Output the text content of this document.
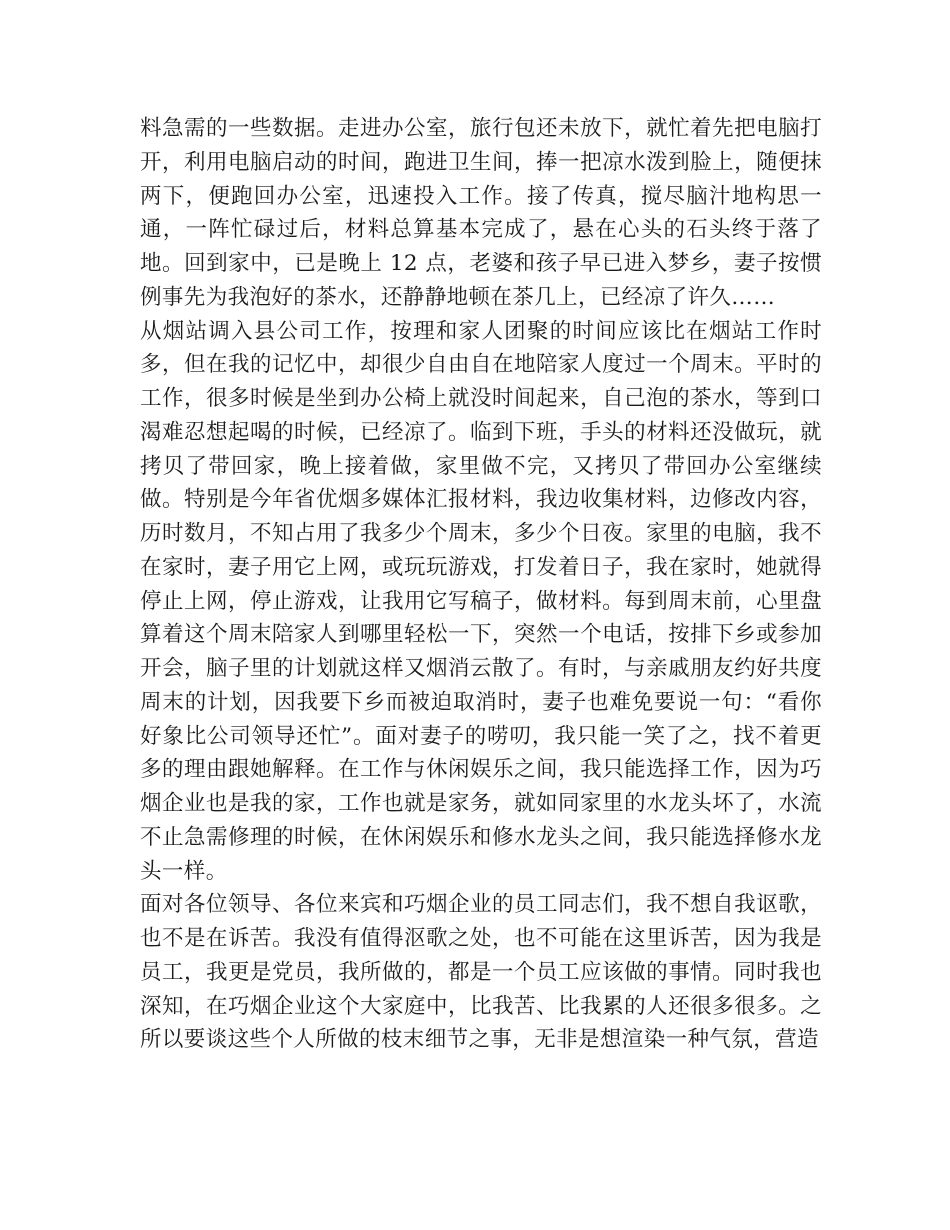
料急需的一些数据。走进办公室，旅行包还未放下，就忙着先把电脑打开，利用电脑启动的时间，跑进卫生间，捧一把凉水泼到脸上，随便抹两下，便跑回办公室，迅速投入工作。接了传真，搅尽脑汁地构思一通，一阵忙碌过后，材料总算基本完成了，悬在心头的石头终于落了地。回到家中，已是晚上 12 点，老婆和孩子早已进入梦乡，妻子按惯例事先为我泡好的茶水，还静静地顿在茶几上，已经凉了许久……

从烟站调入县公司工作，按理和家人团聚的时间应该比在烟站工作时多，但在我的记忆中，却很少自由自在地陪家人度过一个周末。平时的工作，很多时候是坐到办公椅上就没时间起来，自己泡的茶水，等到口渴难忍想起喝的时候，已经凉了。临到下班，手头的材料还没做玩，就拷贝了带回家，晚上接着做，家里做不完，又拷贝了带回办公室继续做。特别是今年省优烟多媒体汇报材料，我边收集材料，边修改内容，历时数月，不知占用了我多少个周末，多少个日夜。家里的电脑，我不在家时，妻子用它上网，或玩玩游戏，打发着日子，我在家时，她就得停止上网，停止游戏，让我用它写稿子，做材料。每到周末前，心里盘算着这个周末陪家人到哪里轻松一下，突然一个电话，按排下乡或参加开会，脑子里的计划就这样又烟消云散了。有时，与亲戚朋友约好共度周末的计划，因我要下乡而被迫取消时，妻子也难免要说一句：“看你好象比公司领导还忙”。面对妻子的唠叨，我只能一笑了之，找不着更多的理由跟她解释。在工作与休闲娱乐之间，我只能选择工作，因为巧烟企业也是我的家，工作也就是家务，就如同家里的水龙头坏了，水流不止急需修理的时候，在休闲娱乐和修水龙头之间，我只能选择修水龙头一样。

面对各位领导、各位来宾和巧烟企业的员工同志们，我不想自我讴歌，也不是在诉苦。我没有值得沤歌之处，也不可能在这里诉苦，因为我是员工，我更是党员，我所做的，都是一个员工应该做的事情。同时我也深知，在巧烟企业这个大家庭中，比我苦、比我累的人还很多很多。之所以要谈这些个人所做的枝末细节之事，无非是想渲染一种气氛，营造
